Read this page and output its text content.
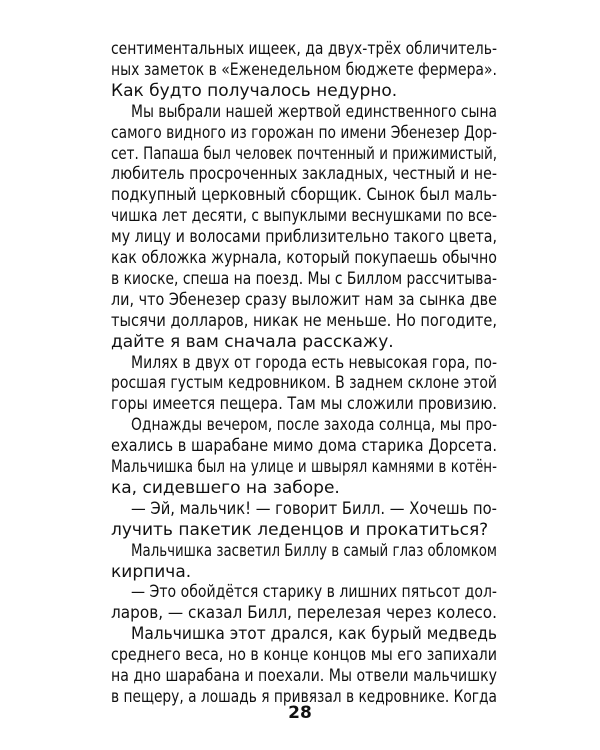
сентиментальных ищеек, да двух-трёх обличитель-
ных заметок в «Еженедельном бюджете фермера».
Как будто получалось недурно.
Мы выбрали нашей жертвой единственного сына
самого видного из горожан по имени Эбенезер Дор-
сет. Папаша был человек почтенный и прижимистый,
любитель просроченных закладных, честный и не-
подкупный церковный сборщик. Сынок был маль-
чишка лет десяти, с выпуклыми веснушками по все-
му лицу и волосами приблизительно такого цвета,
как обложка журнала, который покупаешь обычно
в киоске, спеша на поезд. Мы с Биллом рассчитыва-
ли, что Эбенезер сразу выложит нам за сынка две
тысячи долларов, никак не меньше. Но погодите,
дайте я вам сначала расскажу.
Милях в двух от города есть невысокая гора, по-
росшая густым кедровником. В заднем склоне этой
горы имеется пещера. Там мы сложили провизию.
Однажды вечером, после захода солнца, мы про-
ехались в шарабане мимо дома старика Дорсета.
Мальчишка был на улице и швырял камнями в котён-
ка, сидевшего на заборе.
— Эй, мальчик! — говорит Билл. — Хочешь по-
лучить пакетик леденцов и прокатиться?
Мальчишка засветил Биллу в самый глаз обломком
кирпича.
— Это обойдётся старику в лишних пятьсот дол-
ларов, — сказал Билл, перелезая через колесо.
Мальчишка этот дрался, как бурый медведь
среднего веса, но в конце концов мы его запихали
на дно шарабана и поехали. Мы отвели мальчишку
в пещеру, а лошадь я привязал в кедровнике. Когда
28
